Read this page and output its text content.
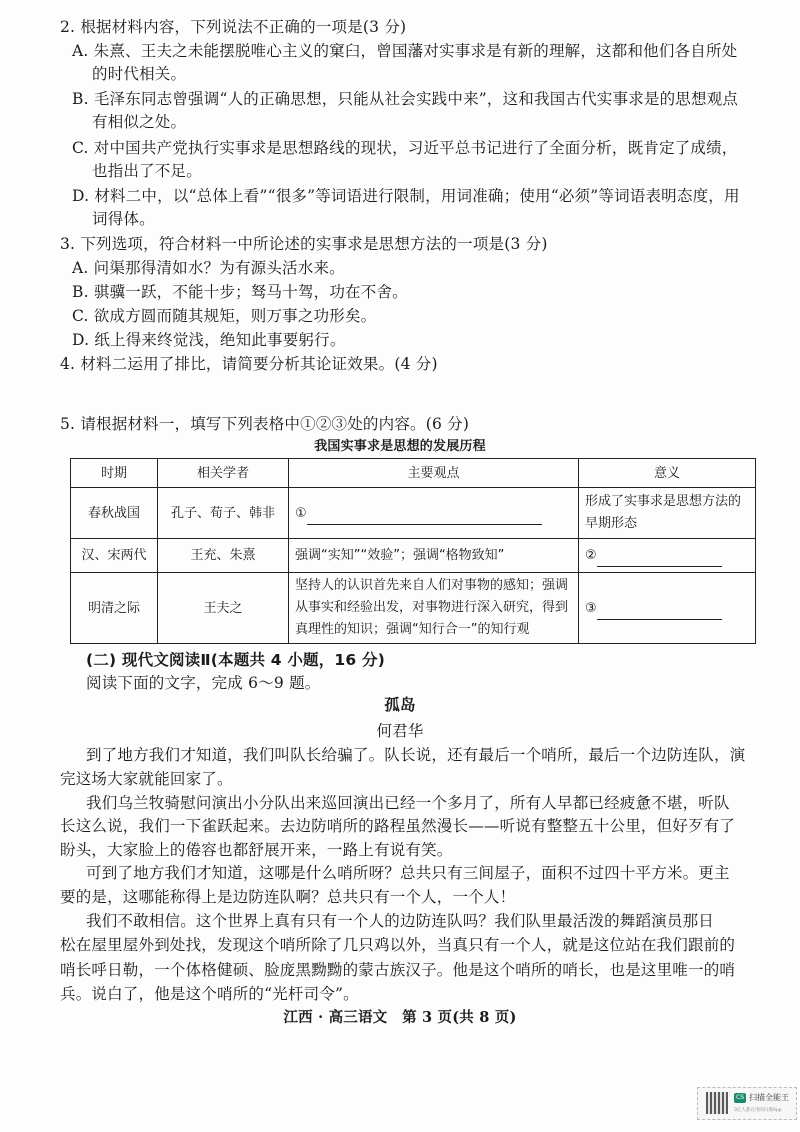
2. 根据材料内容，下列说法不正确的一项是(3 分)
A. 朱熹、王夫之未能摆脱唯心主义的窠臼，曾国藩对实事求是有新的理解，这都和他们各自所处
的时代相关。
B. 毛泽东同志曾强调“人的正确思想，只能从社会实践中来”，这和我国古代实事求是的思想观点
有相似之处。
C. 对中国共产党执行实事求是思想路线的现状，习近平总书记进行了全面分析，既肯定了成绩，
也指出了不足。
D. 材料二中，以“总体上看”“很多”等词语进行限制，用词准确；使用“必须”等词语表明态度，用
词得体。
3. 下列选项，符合材料一中所论述的实事求是思想方法的一项是(3 分)
A. 问渠那得清如水？为有源头活水来。
B. 骐骥一跃，不能十步；驽马十驾，功在不舍。
C. 欲成方圆而随其规矩，则万事之功形矣。
D. 纸上得来终觉浅，绝知此事要躬行。
4. 材料二运用了排比，请简要分析其论证效果。(4 分)
5. 请根据材料一，填写下列表格中①②③处的内容。(6 分)
我国实事求是思想的发展历程
时期	相关学者	主要观点	意义
春秋战国	孔子、荀子、韩非	①	形成了实事求是思想方法的早期形态
汉、宋两代	王充、朱熹	强调“实知”“效验”；强调“格物致知”	②
明清之际	王夫之	坚持人的认识首先来自人们对事物的感知；强调从事实和经验出发，对事物进行深入研究，得到真理性的知识；强调“知行合一”的知行观	③
(二) 现代文阅读Ⅱ(本题共 4 小题，16 分)
阅读下面的文字，完成 6～9 题。
孤岛
何君华
到了地方我们才知道，我们叫队长给骗了。队长说，还有最后一个哨所，最后一个边防连队，演
完这场大家就能回家了。
我们乌兰牧骑慰问演出小分队出来巡回演出已经一个多月了，所有人早都已经疲惫不堪，听队
长这么说，我们一下雀跃起来。去边防哨所的路程虽然漫长——听说有整整五十公里，但好歹有了
盼头，大家脸上的倦容也都舒展开来，一路上有说有笑。
可到了地方我们才知道，这哪是什么哨所呀？总共只有三间屋子，面积不过四十平方米。更主
要的是，这哪能称得上是边防连队啊？总共只有一个人，一个人！
我们不敢相信。这个世界上真有只有一个人的边防连队吗？我们队里最活泼的舞蹈演员那日
松在屋里屋外到处找，发现这个哨所除了几只鸡以外，当真只有一个人，就是这位站在我们跟前的
哨长呼日勒，一个体格健硕、脸庞黑黝黝的蒙古族汉子。他是这个哨所的哨长，也是这里唯一的哨
兵。说白了，他是这个哨所的“光杆司令”。
江西 · 高三语文　第 3 页(共 8 页)
CS 扫描全能王
3亿人都在用的扫描App
